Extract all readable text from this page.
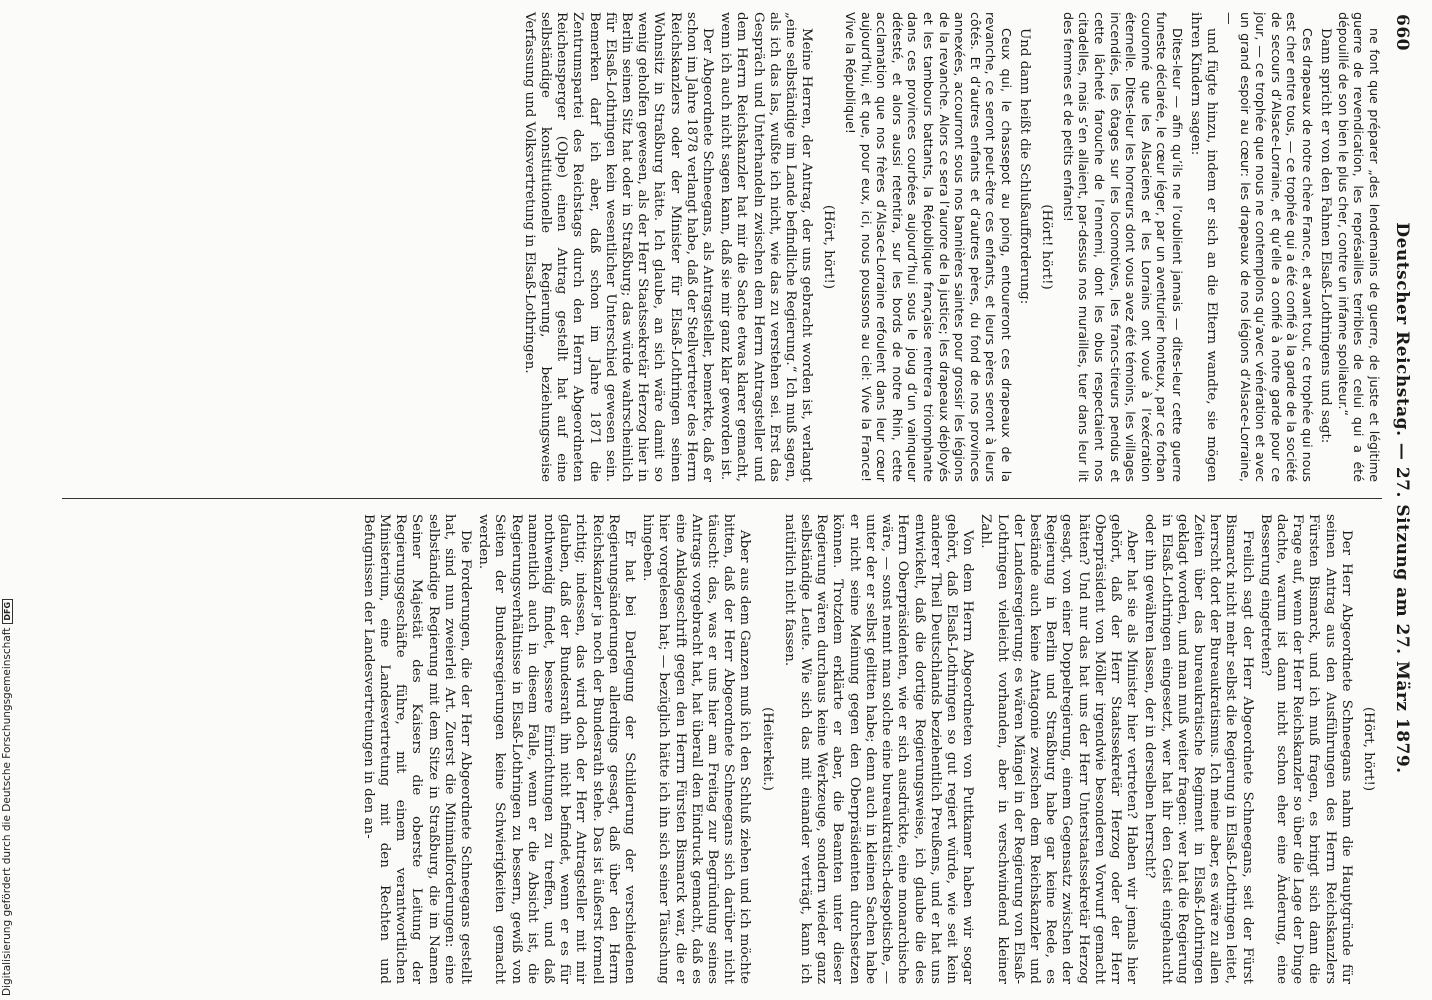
660
Deutscher Reichstag. — 27. Sitzung am 27. März 1879.

ne font que préparer „des lendemains de guerre, de juste et légitime guerre de revendication, les représailles terribles de celui qui a été dépouillé de son bien le plus cher, contre un infame spoliateur.“

Dann spricht er von den Fahnen Elsaß-Lothringens und sagt:

Ces drapeaux de notre chère France, et avant tout, ce trophée qui nous est cher entre tous, — ce trophée qui a été confié à la garde de la société de secours d’Alsace-Lorraine, et qu’elle a confié à notre garde pour ce jour, — ce trophée que nous ne contemplons qu’avec vénération et avec un grand espoir au cœur: les drapeaux de nos légions d’Alsace-Lorraine, —

und fügte hinzu, indem er sich an die Eltern wandte, sie mögen ihren Kindern sagen:

Dites-leur — afin qu’ils ne l’oublient jamais — dites-leur cette guerre funeste déclarée, le cœur léger, par un aventurier honteux, par ce forban couronné que les Alsaciens et les Lorrains ont voué à l’exécration éternelle. Dites-leur les horreurs dont vous avez été témoins, les villages incendiés, les ôtages sur les locomotives, les francs-tireurs pendus et cette lâcheté farouche de l’ennemi, dont les obus respectaient nos citadelles, mais s’en allaient, par-dessus nos murailles, tuer dans leur lit des femmes et de petits enfants!

(Hört! hört!)

Und dann heißt die Schlußaufforderung:

Ceux qui, le chassepot au poing, entoureront ces drapeaux de la revanche, ce seront peut-être ces enfants, et leurs pères seront à leurs côtés. Et d’autres enfants et d’autres pères, du fond de nos provinces annexées, accourront sous nos bannières saintes pour grossir les légions de la revanche. Alors ce sera l’aurore de la justice; les drapeaux déployés et les tambours battants, la République française rentrera triomphante dans ces provinces courbées aujourd’hui sous le joug d’un vainqueur détesté, et alors aussi retentira, sur les bords de notre Rhin, cette acclamation que nos frères d’Alsace-Lorraine refoulent dans leur cœur aujourd’hui, et que, pour eux, ici, nous poussons au ciel: Vive la France! Vive la République!

(Hört, hört!)

Meine Herren, der Antrag, der uns gebracht worden ist, verlangt „eine selbständige im Lande befindliche Regierung.“ Ich muß sagen, als ich das las, wußte ich nicht, wie das zu verstehen sei. Erst das Gespräch und Unterhandeln zwischen dem Herrn Antragsteller und dem Herrn Reichskanzler hat mir die Sache etwas klarer gemacht, wenn ich auch nicht sagen kann, daß sie mir ganz klar geworden ist.

Der Abgeordnete Schneegans, als Antragsteller, bemerkte, daß er schon im Jahre 1878 verlangt habe, daß der Stellvertreter des Herrn Reichskanzlers oder der Minister für Elsaß-Lothringen seinen Wohnsitz in Straßburg hätte. Ich glaube, an sich wäre damit so wenig geholfen gewesen, als der Herr Staatssekretär Herzog hier in Berlin seinen Sitz hat oder in Straßburg; das würde wahrscheinlich für Elsaß-Lothringen kein wesentlicher Unterschied gewesen sein. Bemerken darf ich aber, daß schon im Jahre 1871 die Zentrumspartei des Reichstags durch den Herrn Abgeordneten Reichensperger (Olpe) einen Antrag gestellt hat auf eine selbständige konstitutionelle Regierung, beziehungsweise Verfassung und Volksvertretung in Elsaß-Lothringen.

(Hört, hört!)

Der Herr Abgeordnete Schneegans nahm die Hauptgründe für seinen Antrag aus den Ausführungen des Herrn Reichskanzlers Fürsten Bismarck, und ich muß fragen, es bringt sich dann die Frage auf, wenn der Herr Reichskanzler so über die Lage der Dinge dachte, warum ist dann nicht schon eher eine Änderung, eine Besserung eingetreten?

Freilich sagt der Herr Abgeordnete Schneegans, seit der Fürst Bismarck nicht mehr selbst die Regierung in Elsaß-Lothringen leitet, herrscht dort der Bureaukratismus. Ich meine aber, es wäre zu allen Zeiten über das bureaukratische Regiment in Elsaß-Lothringen geklagt worden, und man muß weiter fragen: wer hat die Regierung in Elsaß-Lothringen eingesetzt, wer hat ihr den Geist eingehaucht oder ihn gewähren lassen, der in derselben herrscht?

Aber hat sie als Minister hier vertreten? Haben wir jemals hier gehört, daß der Herr Staatssekretär Herzog oder der Herr Oberpräsident von Möller irgendwie besonderen Vorwurf gemacht hätten? Und nur das hat uns der Herr Unterstaatssekretär Herzog gesagt, von einer Doppelregierung, einem Gegensatz zwischen der Regierung in Berlin und Straßburg habe gar keine Rede, es bestände auch keine Antagonie zwischen dem Reichskanzler und der Landesregierung; es wären Mängel in der Regierung von Elsaß-Lothringen vielleicht vorhanden, aber in verschwindend kleiner Zahl.

Von dem Herrn Abgeordneten von Puttkamer haben wir sogar gehört, daß Elsaß-Lothringen so gut regiert würde, wie seit kein anderer Theil Deutschlands beziehentlich Preußens, und er hat uns entwickelt, daß die dortige Regierungsweise, ich glaube die des Herrn Oberpräsidenten, wie er sich ausdrückte, eine monarchische wäre, — sonst nennt man solche eine bureaukratisch-despotische, — unter der er selbst gelitten habe; denn auch in kleinen Sachen habe er nicht seine Meinung gegen den Oberpräsidenten durchsetzen können. Trotzdem erklärte er aber, die Beamten unter dieser Regierung wären durchaus keine Werkzeuge, sondern wieder ganz selbständige Leute. Wie sich das mit einander verträgt, kann ich natürlich nicht fassen.

(Heiterkeit.)

Aber aus dem Ganzen muß ich den Schluß ziehen und ich möchte bitten, daß der Herr Abgeordnete Schneegans sich darüber nicht täuscht: das, was er uns hier am Freitag zur Begründung seines Antrags vorgebracht hat, hat überall den Eindruck gemacht, daß es eine Anklageschrift gegen den Herrn Fürsten Bismarck war, die er hier vorgelesen hat; — bezüglich hätte ich ihn sich seiner Täuschung hingeben.

Er hat bei Darlegung der Schilderung der verschiedenen Regierungsänderungen allerdings gesagt, daß über den Herrn Reichskanzler ja noch der Bundesrath stehe. Das ist äußerst formell richtig; indessen, das wird doch der Herr Antragsteller mit mir glauben, daß der Bundesrath ihn nicht befindet, wenn er es für nothwendig findet, bessere Einrichtungen zu treffen, und daß namentlich auch in diesem Falle, wenn er die Absicht ist, die Regierungsverhältnisse in Elsaß-Lothringen zu bessern, gewiß von Seiten der Bundesregierungen keine Schwierigkeiten gemacht werden.

Die Forderungen, die der Herr Abgeordnete Schneegans gestellt hat, sind nun zweierlei Art. Zuerst die Minimalforderungen: eine selbständige Regierung mit dem Sitze in Straßburg, die im Namen Seiner Majestät des Kaisers die oberste Leitung der Regierungsgeschäfte führe, mit einem verantwortlichen Ministerium, eine Landesvertretung mit den Rechten und Befugnissen der Landesvertretungen in den an-

Digitalisierung gefördert durch die Deutsche ForschungsgemeinschaftDFG
